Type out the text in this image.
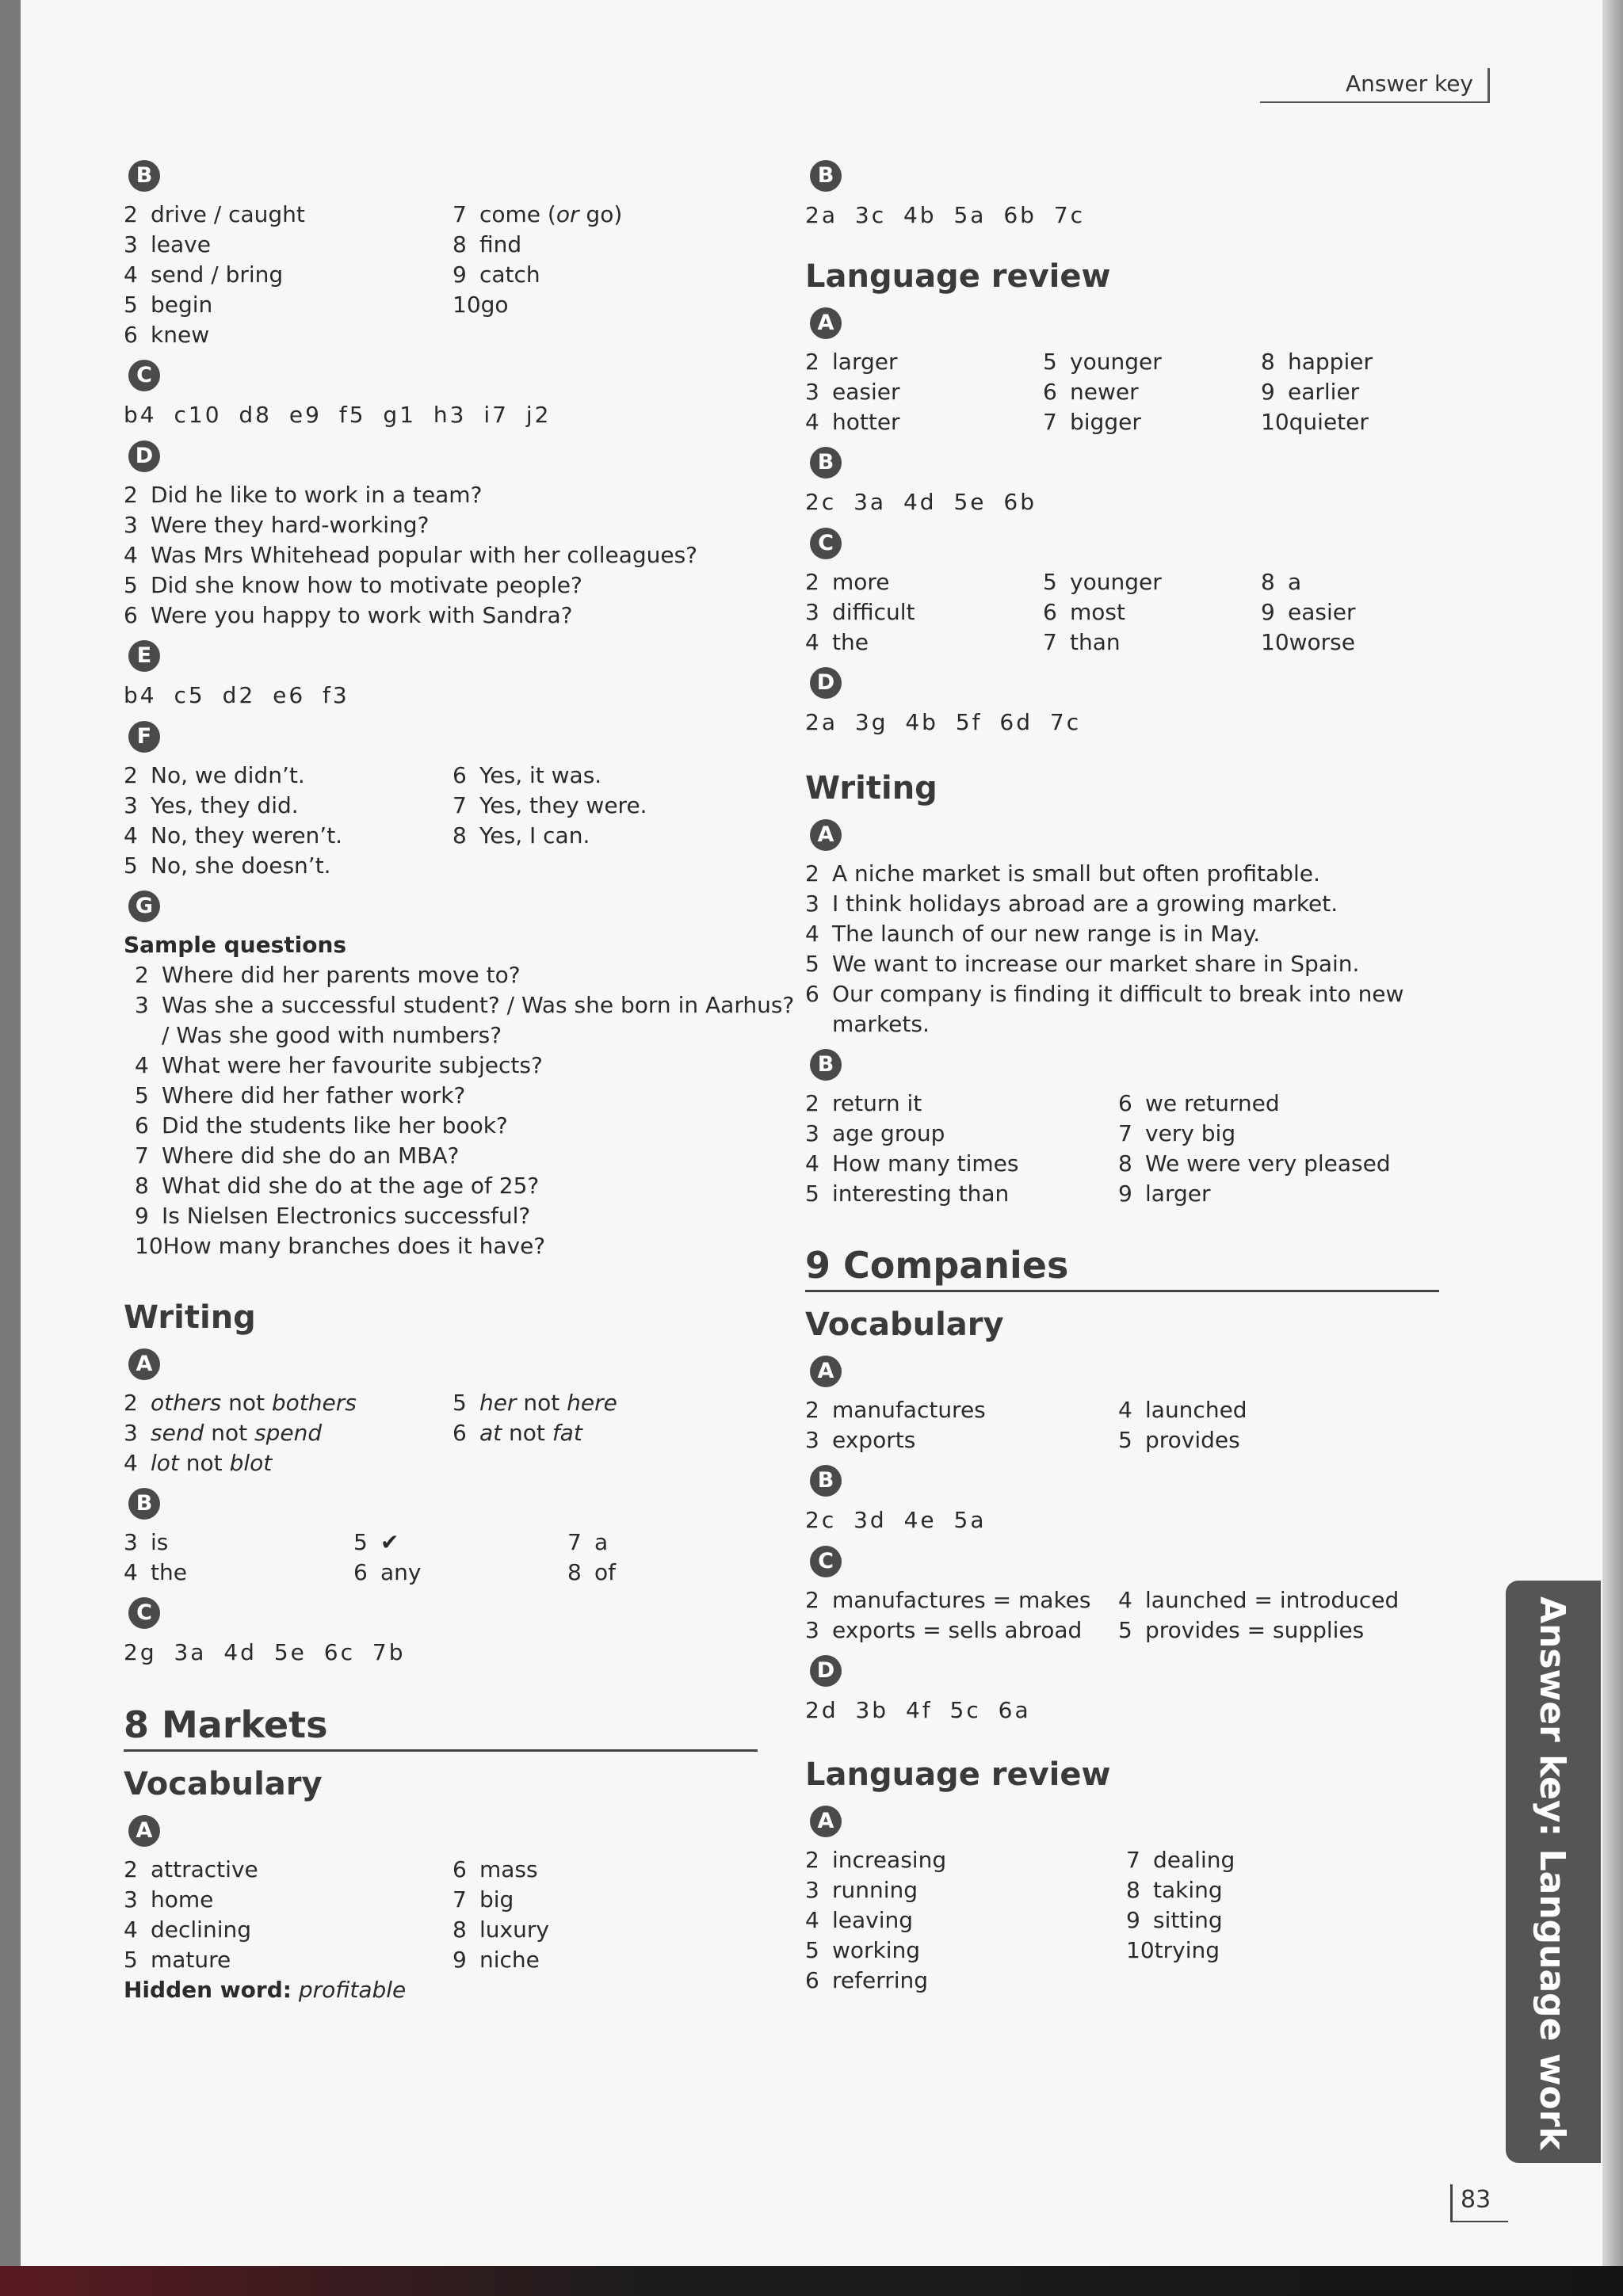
Answer key
B
2 drive / caught
3 leave
4 send / bring
5 begin
6 knew
7 come (or go)
8 find
9 catch
10go
C
b4 c10 d8 e9 f5 g1 h3 i7 j2
D
2 Did he like to work in a team?
3 Were they hard-working?
4 Was Mrs Whitehead popular with her colleagues?
5 Did she know how to motivate people?
6 Were you happy to work with Sandra?
E
b4 c5 d2 e6 f3
F
2 No, we didn’t.
3 Yes, they did.
4 No, they weren’t.
5 No, she doesn’t.
6 Yes, it was.
7 Yes, they were.
8 Yes, I can.
G
Sample questions
2 Where did her parents move to?
3 Was she a successful student? / Was she born in Aarhus?
/ Was she good with numbers?
4 What were her favourite subjects?
5 Where did her father work?
6 Did the students like her book?
7 Where did she do an MBA?
8 What did she do at the age of 25?
9 Is Nielsen Electronics successful?
10How many branches does it have?
Writing
A
2 others not bothers
3 send not spend
4 lot not blot
5 her not here
6 at not fat
B
3 is
4 the
5 ✔
6 any
7 a
8 of
C
2g 3a 4d 5e 6c 7b
8 Markets
Vocabulary
A
2 attractive
3 home
4 declining
5 mature
6 mass
7 big
8 luxury
9 niche
Hidden word: profitable
B
2a 3c 4b 5a 6b 7c
Language review
A
2 larger
3 easier
4 hotter
5 younger
6 newer
7 bigger
8 happier
9 earlier
10quieter
B
2c 3a 4d 5e 6b
C
2 more
3 difficult
4 the
5 younger
6 most
7 than
8 a
9 easier
10worse
D
2a 3g 4b 5f 6d 7c
Writing
A
2 A niche market is small but often profitable.
3 I think holidays abroad are a growing market.
4 The launch of our new range is in May.
5 We want to increase our market share in Spain.
6 Our company is finding it difficult to break into new
markets.
B
2 return it
3 age group
4 How many times
5 interesting than
6 we returned
7 very big
8 We were very pleased
9 larger
9 Companies
Vocabulary
A
2 manufactures
3 exports
4 launched
5 provides
B
2c 3d 4e 5a
C
2 manufactures = makes
3 exports = sells abroad
4 launched = introduced
5 provides = supplies
D
2d 3b 4f 5c 6a
Language review
A
2 increasing
3 running
4 leaving
5 working
6 referring
7 dealing
8 taking
9 sitting
10trying	Answer key: Language work
83
